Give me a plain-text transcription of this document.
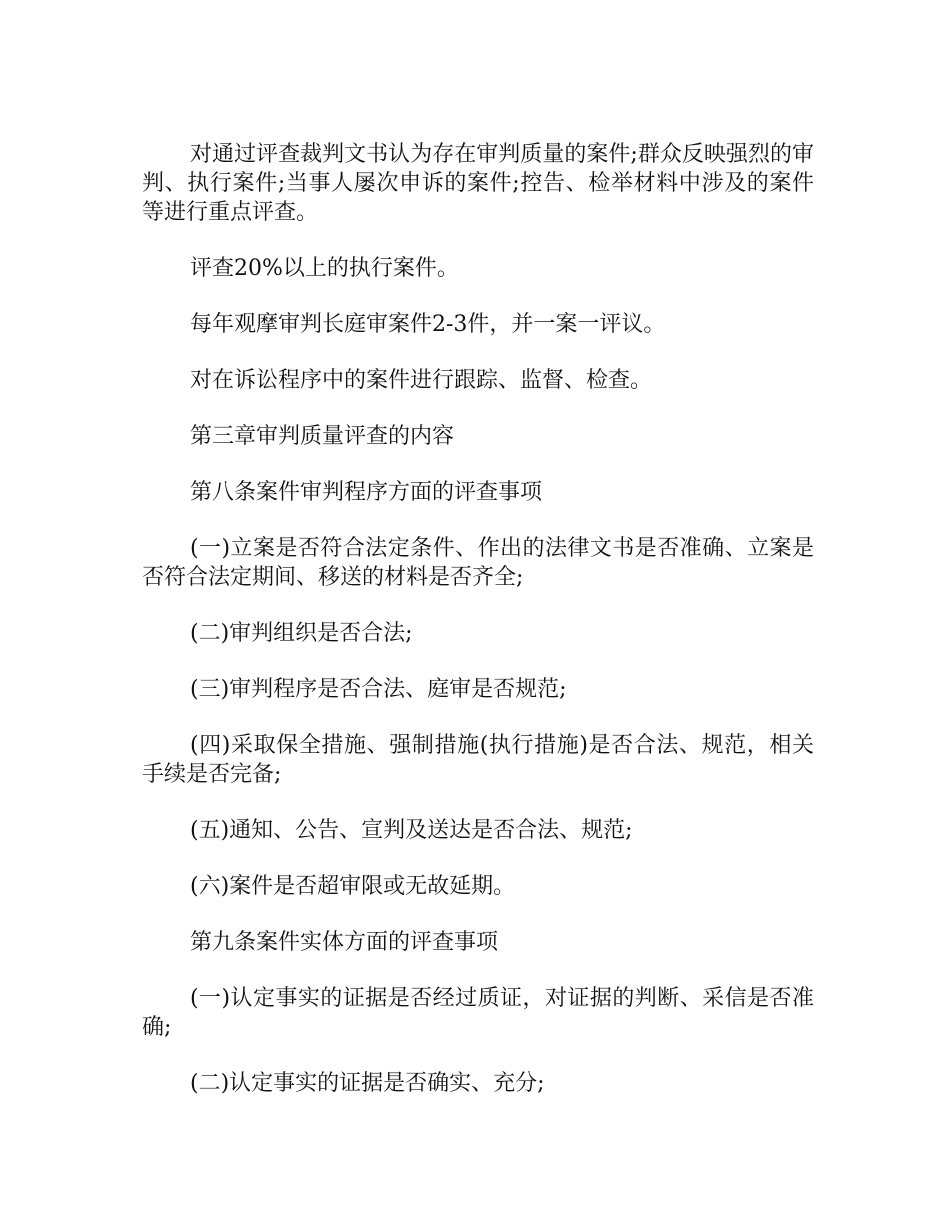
对通过评查裁判文书认为存在审判质量的案件;群众反映强烈的审判、执行案件;当事人屡次申诉的案件;控告、检举材料中涉及的案件等进行重点评查。

评查20%以上的执行案件。

每年观摩审判长庭审案件2-3件，并一案一评议。

对在诉讼程序中的案件进行跟踪、监督、检查。

第三章审判质量评查的内容

第八条案件审判程序方面的评查事项

(一)立案是否符合法定条件、作出的法律文书是否准确、立案是否符合法定期间、移送的材料是否齐全;

(二)审判组织是否合法;

(三)审判程序是否合法、庭审是否规范;

(四)采取保全措施、强制措施(执行措施)是否合法、规范，相关手续是否完备;

(五)通知、公告、宣判及送达是否合法、规范;

(六)案件是否超审限或无故延期。

第九条案件实体方面的评查事项

(一)认定事实的证据是否经过质证，对证据的判断、采信是否准确;

(二)认定事实的证据是否确实、充分;
